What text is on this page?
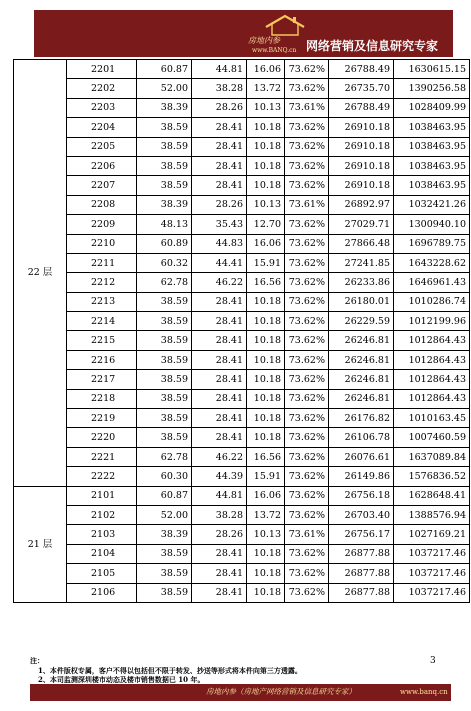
房地内参
www.BANQ.cn 网络营销及信息研究专家
22 层	2201	60.87	44.81	16.06	73.62%	26788.49	1630615.15
	2202	52.00	38.28	13.72	73.62%	26735.70	1390256.58
	2203	38.39	28.26	10.13	73.61%	26788.49	1028409.99
	2204	38.59	28.41	10.18	73.62%	26910.18	1038463.95
	2205	38.59	28.41	10.18	73.62%	26910.18	1038463.95
	2206	38.59	28.41	10.18	73.62%	26910.18	1038463.95
	2207	38.59	28.41	10.18	73.62%	26910.18	1038463.95
	2208	38.39	28.26	10.13	73.61%	26892.97	1032421.26
	2209	48.13	35.43	12.70	73.62%	27029.71	1300940.10
	2210	60.89	44.83	16.06	73.62%	27866.48	1696789.75
	2211	60.32	44.41	15.91	73.62%	27241.85	1643228.62
	2212	62.78	46.22	16.56	73.62%	26233.86	1646961.43
	2213	38.59	28.41	10.18	73.62%	26180.01	1010286.74
	2214	38.59	28.41	10.18	73.62%	26229.59	1012199.96
	2215	38.59	28.41	10.18	73.62%	26246.81	1012864.43
	2216	38.59	28.41	10.18	73.62%	26246.81	1012864.43
	2217	38.59	28.41	10.18	73.62%	26246.81	1012864.43
	2218	38.59	28.41	10.18	73.62%	26246.81	1012864.43
	2219	38.59	28.41	10.18	73.62%	26176.82	1010163.45
	2220	38.59	28.41	10.18	73.62%	26106.78	1007460.59
	2221	62.78	46.22	16.56	73.62%	26076.61	1637089.84
	2222	60.30	44.39	15.91	73.62%	26149.86	1576836.52
21 层	2101	60.87	44.81	16.06	73.62%	26756.18	1628648.41
	2102	52.00	38.28	13.72	73.62%	26703.40	1388576.94
	2103	38.39	28.26	10.13	73.61%	26756.17	1027169.21
	2104	38.59	28.41	10.18	73.62%	26877.88	1037217.46
	2105	38.59	28.41	10.18	73.62%	26877.88	1037217.46
	2106	38.59	28.41	10.18	73.62%	26877.88	1037217.46
注：
1、本件版权专属，客户不得以包括但不限于转发、抄送等形式将本件向第三方透露。
2、本司监测深圳楼市动态及楼市销售数据已 10 年。
3
房地内参（房地产网络营销及信息研究专家）	www.banq.cn
